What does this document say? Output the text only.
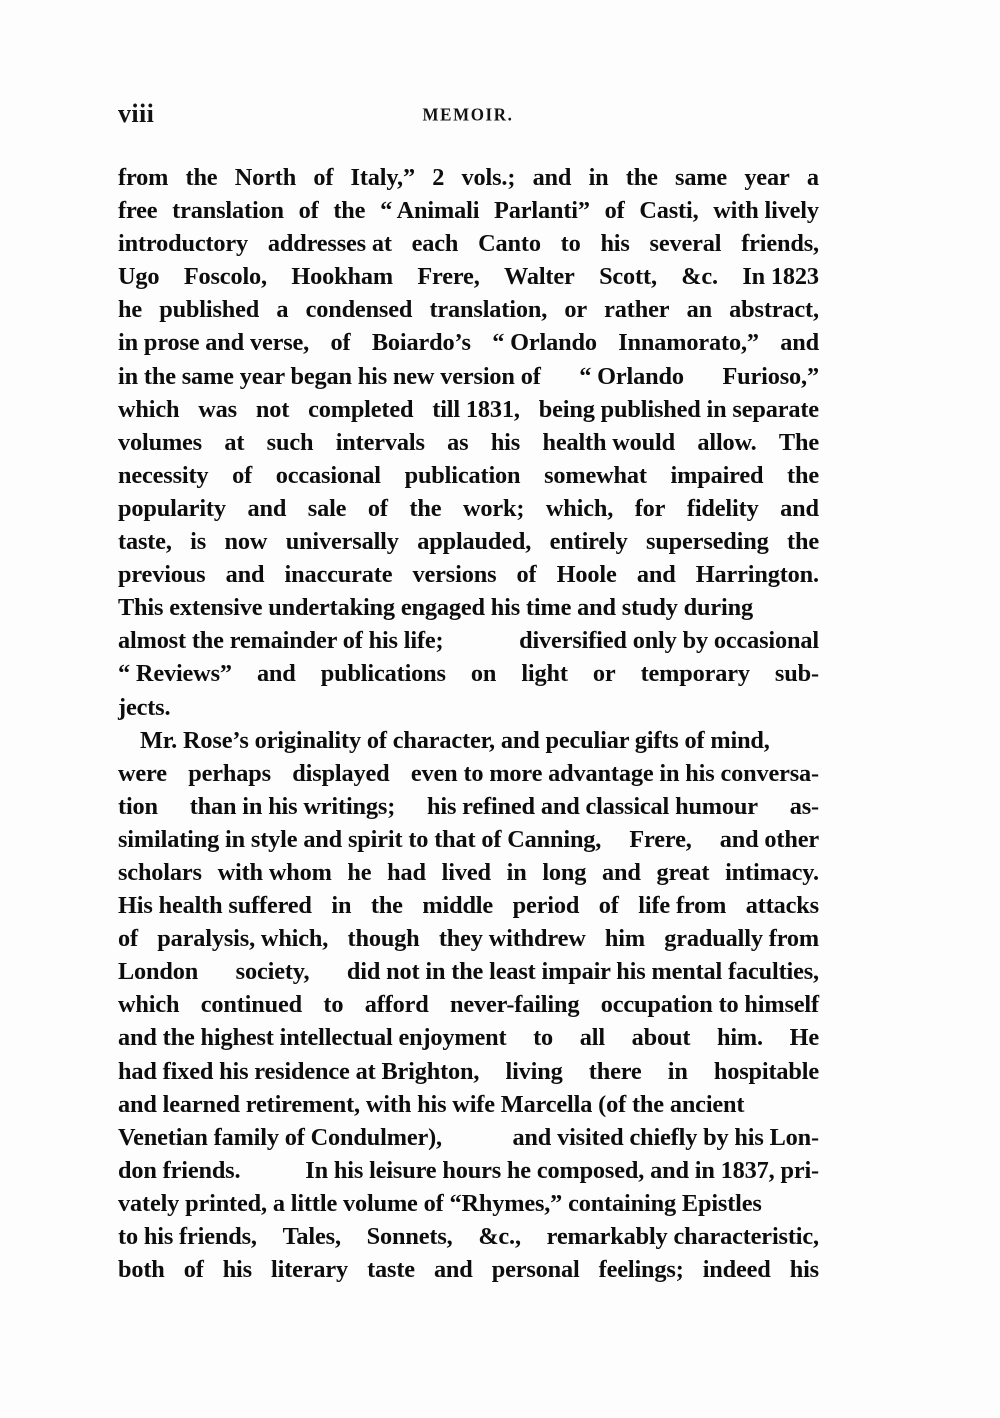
viii	MEMOIR.

from the North of Italy,” 2 vols.; and in the same year a
free translation of the “ Animali Parlanti” of Casti, with lively
introductory addresses at each Canto to his several friends,
Ugo Foscolo, Hookham Frere, Walter Scott, &c. In 1823
he published a condensed translation, or rather an abstract,
in prose and verse, of Boiardo’s “ Orlando Innamorato,” and
in the same year began his new version of “ Orlando Furioso,”
which was not completed till 1831, being published in separate
volumes at such intervals as his health would allow. The
necessity of occasional publication somewhat impaired the
popularity and sale of the work; which, for fidelity and
taste, is now universally applauded, entirely superseding the
previous and inaccurate versions of Hoole and Harrington.
This extensive undertaking engaged his time and study during
almost the remainder of his life;	diversified only by occasional
“ Reviews” and publications on light or temporary sub-
jects.

Mr. Rose’s originality of character, and peculiar gifts of mind,
were perhaps displayed even to more advantage in his conversa-
tion than in his writings; his refined and classical humour as-
similating in style and spirit to that of Canning, Frere, and other
scholars with whom he had lived in long and great intimacy.
His health suffered in the middle period of life from attacks
of paralysis, which, though they withdrew him gradually from
London society, did not in the least impair his mental faculties,
which continued to afford never-failing occupation to himself
and the highest intellectual enjoyment to all about him. He
had fixed his residence at Brighton, living there in hospitable
and learned retirement, with his wife Marcella (of the ancient
Venetian family of Condulmer),	and visited chiefly by his Lon-
don friends.	In his leisure hours he composed, and in 1837, pri-
vately printed, a little volume of “Rhymes,” containing Epistles
to his friends, Tales, Sonnets, &c., remarkably characteristic,
both of his literary taste and personal feelings; indeed his
